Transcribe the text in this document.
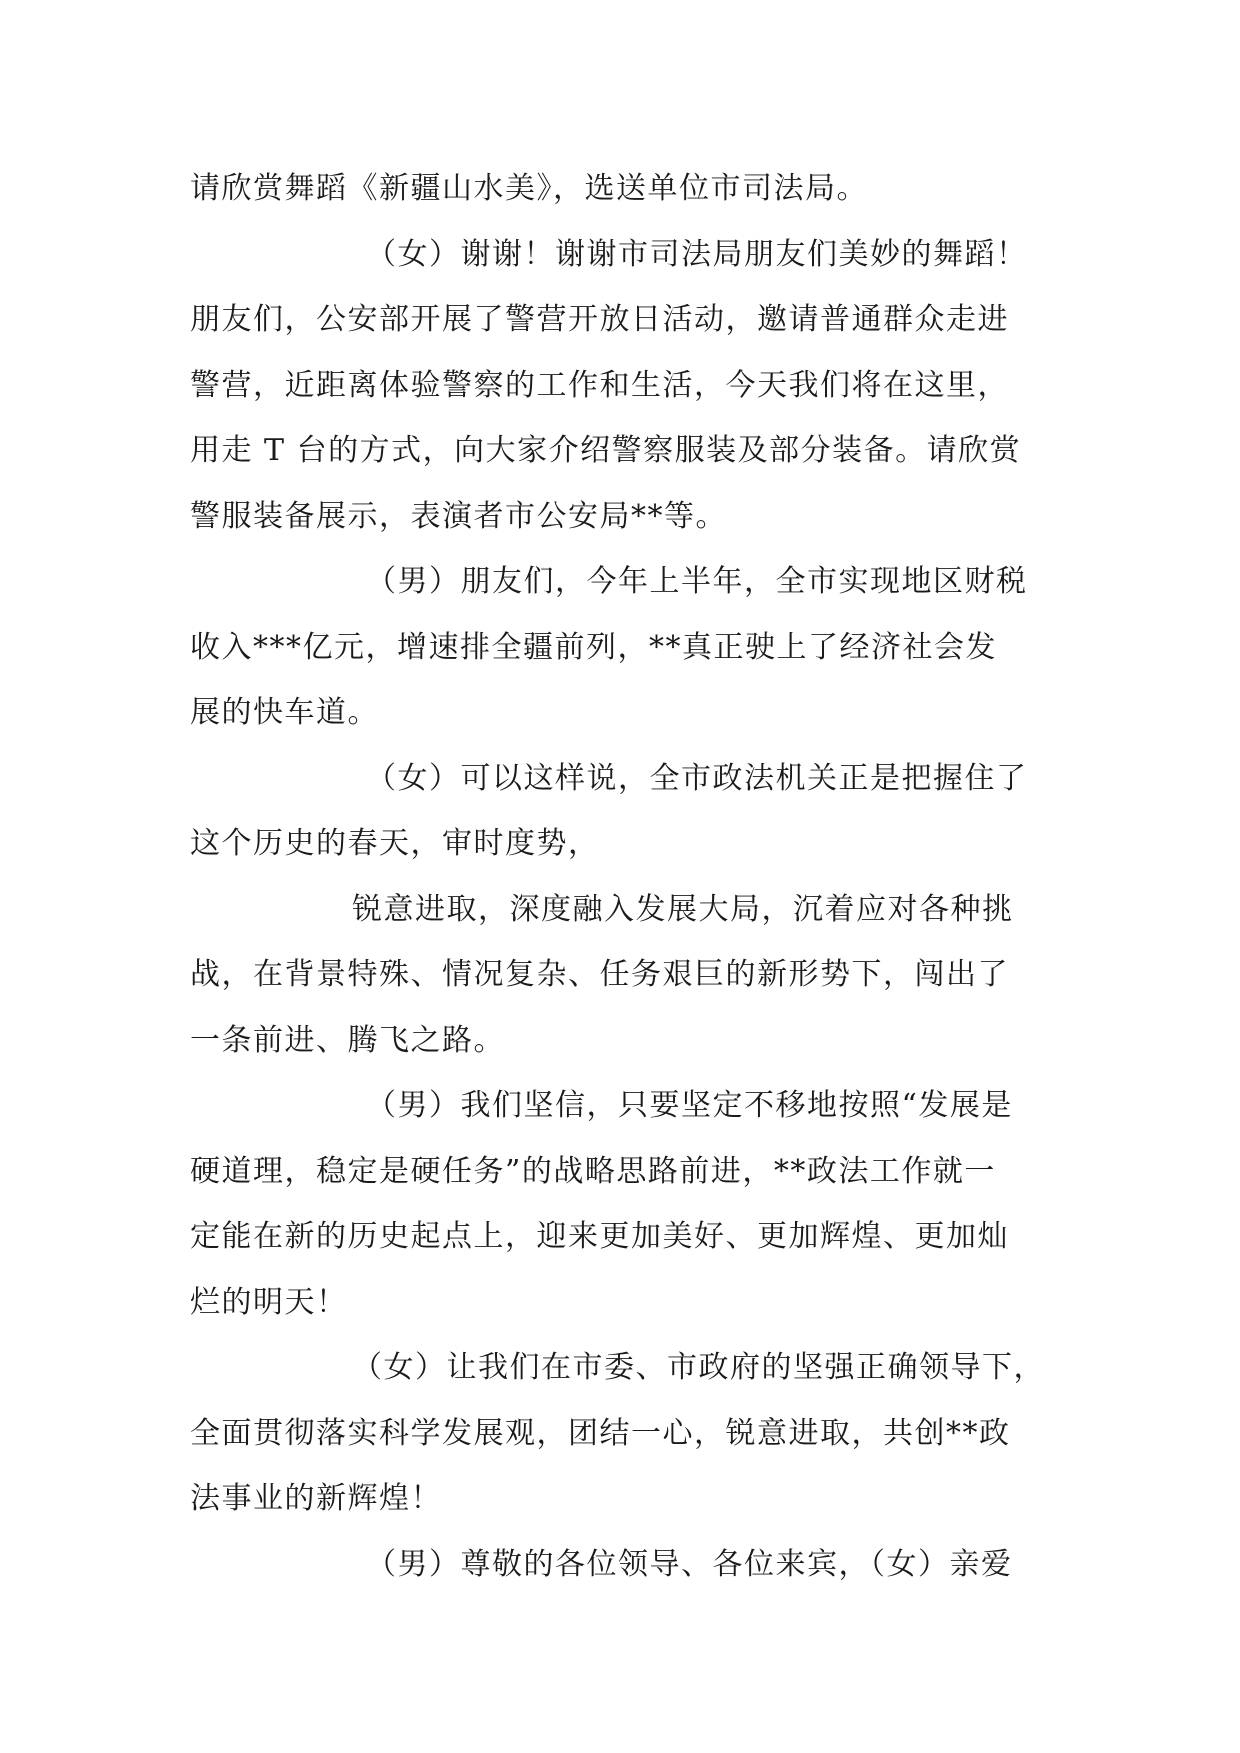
请欣赏舞蹈《新疆山水美》，选送单位市司法局。
（女）谢谢！谢谢市司法局朋友们美妙的舞蹈！
朋友们，公安部开展了警营开放日活动，邀请普通群众走进
警营，近距离体验警察的工作和生活，今天我们将在这里，
用走 T 台的方式，向大家介绍警察服装及部分装备。请欣赏
警服装备展示，表演者市公安局**等。
（男）朋友们，今年上半年，全市实现地区财税
收入***亿元，增速排全疆前列，**真正驶上了经济社会发
展的快车道。
（女）可以这样说，全市政法机关正是把握住了
这个历史的春天，审时度势，
锐意进取，深度融入发展大局，沉着应对各种挑
战，在背景特殊、情况复杂、任务艰巨的新形势下，闯出了
一条前进、腾飞之路。
（男）我们坚信，只要坚定不移地按照“发展是
硬道理，稳定是硬任务”的战略思路前进，**政法工作就一
定能在新的历史起点上，迎来更加美好、更加辉煌、更加灿
烂的明天！
（女）让我们在市委、市政府的坚强正确领导下，
全面贯彻落实科学发展观，团结一心，锐意进取，共创**政
法事业的新辉煌！
（男）尊敬的各位领导、各位来宾，（女）亲爱
